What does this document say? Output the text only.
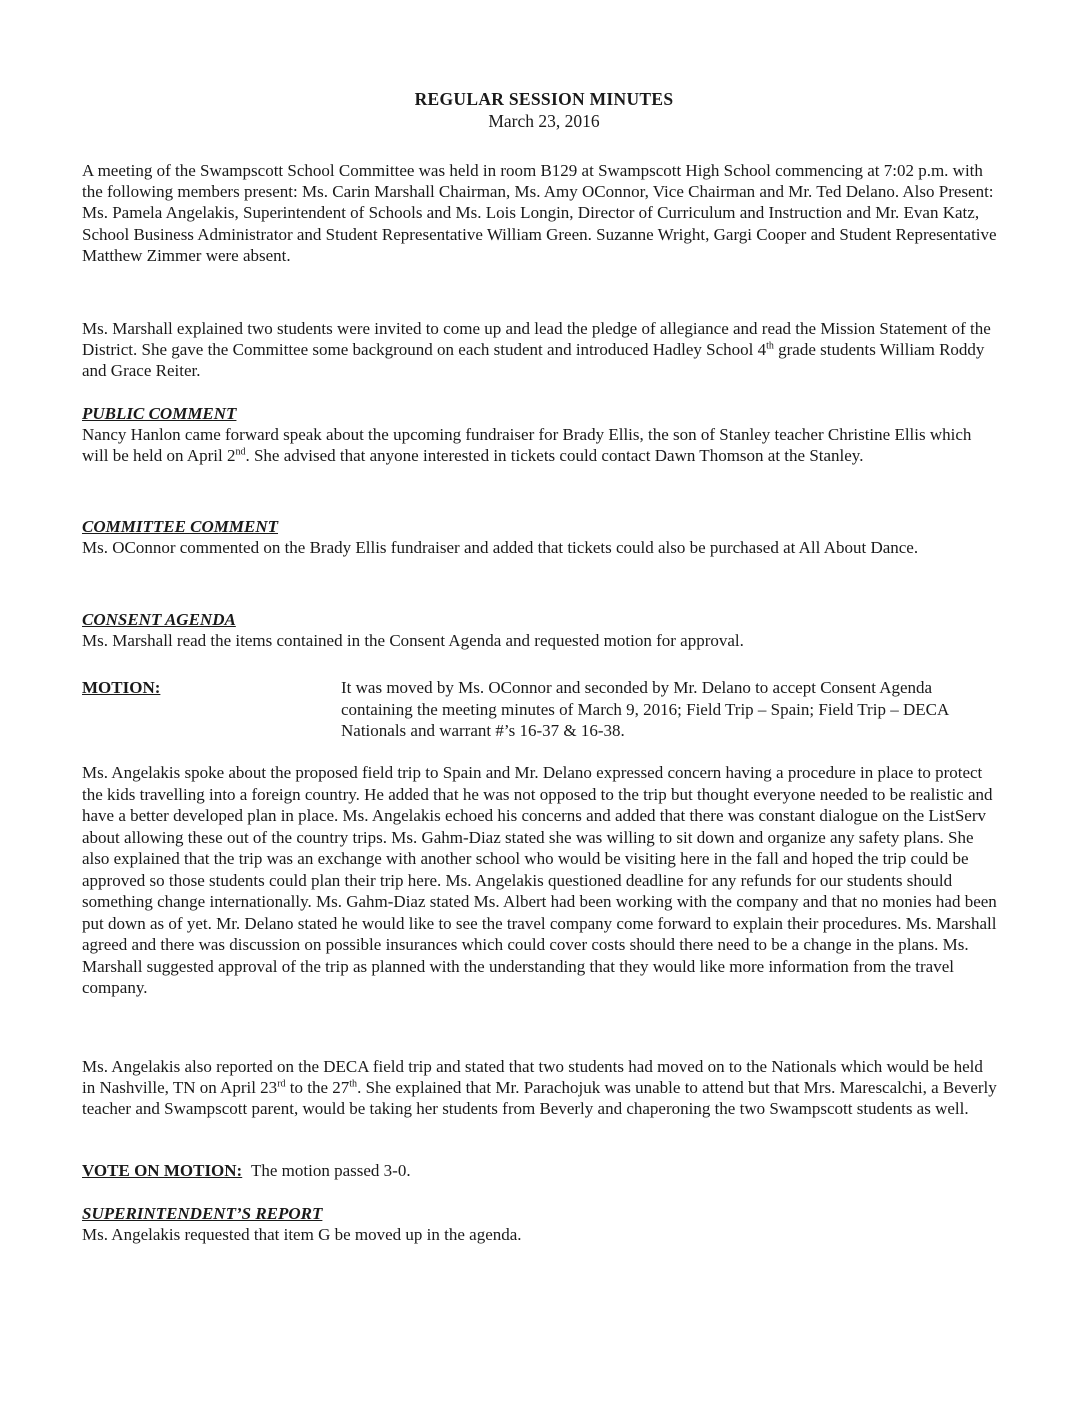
REGULAR SESSION MINUTES
March 23, 2016

A meeting of the Swampscott School Committee was held in room B129 at Swampscott High School commencing at 7:02 p.m. with the following members present: Ms. Carin Marshall Chairman, Ms. Amy OConnor, Vice Chairman and Mr. Ted Delano. Also Present: Ms. Pamela Angelakis, Superintendent of Schools and Ms. Lois Longin, Director of Curriculum and Instruction and Mr. Evan Katz, School Business Administrator and Student Representative William Green. Suzanne Wright, Gargi Cooper and Student Representative Matthew Zimmer were absent.

Ms. Marshall explained two students were invited to come up and lead the pledge of allegiance and read the Mission Statement of the District. She gave the Committee some background on each student and introduced Hadley School 4th grade students William Roddy and Grace Reiter.

PUBLIC COMMENT

Nancy Hanlon came forward speak about the upcoming fundraiser for Brady Ellis, the son of Stanley teacher Christine Ellis which will be held on April 2nd. She advised that anyone interested in tickets could contact Dawn Thomson at the Stanley.

COMMITTEE COMMENT

Ms. OConnor commented on the Brady Ellis fundraiser and added that tickets could also be purchased at All About Dance.

CONSENT AGENDA

Ms. Marshall read the items contained in the Consent Agenda and requested motion for approval.

MOTION:	It was moved by Ms. OConnor and seconded by Mr. Delano to accept Consent Agenda containing the meeting minutes of March 9, 2016; Field Trip – Spain; Field Trip – DECA Nationals and warrant #’s 16-37 & 16-38.

Ms. Angelakis spoke about the proposed field trip to Spain and Mr. Delano expressed concern having a procedure in place to protect the kids travelling into a foreign country. He added that he was not opposed to the trip but thought everyone needed to be realistic and have a better developed plan in place. Ms. Angelakis echoed his concerns and added that there was constant dialogue on the ListServ about allowing these out of the country trips. Ms. Gahm-Diaz stated she was willing to sit down and organize any safety plans. She also explained that the trip was an exchange with another school who would be visiting here in the fall and hoped the trip could be approved so those students could plan their trip here. Ms. Angelakis questioned deadline for any refunds for our students should something change internationally. Ms. Gahm-Diaz stated Ms. Albert had been working with the company and that no monies had been put down as of yet. Mr. Delano stated he would like to see the travel company come forward to explain their procedures. Ms. Marshall agreed and there was discussion on possible insurances which could cover costs should there need to be a change in the plans. Ms. Marshall suggested approval of the trip as planned with the understanding that they would like more information from the travel company.

Ms. Angelakis also reported on the DECA field trip and stated that two students had moved on to the Nationals which would be held in Nashville, TN on April 23rd to the 27th. She explained that Mr. Parachojuk was unable to attend but that Mrs. Marescalchi, a Beverly teacher and Swampscott parent, would be taking her students from Beverly and chaperoning the two Swampscott students as well.

VOTE ON MOTION: The motion passed 3-0.
SUPERINTENDENT’S REPORT

Ms. Angelakis requested that item G be moved up in the agenda.
